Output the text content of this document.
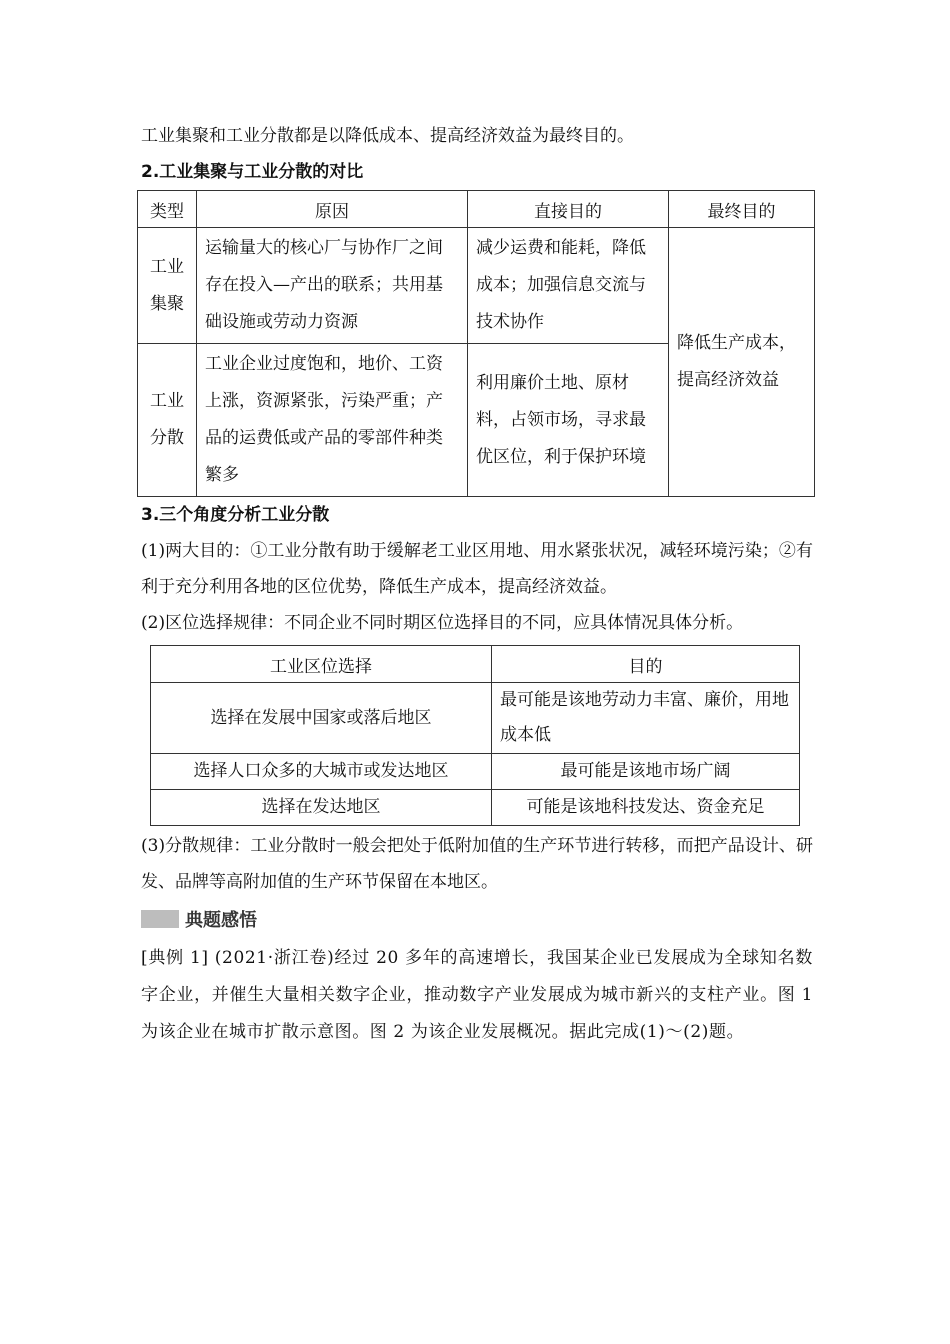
工业集聚和工业分散都是以降低成本、提高经济效益为最终目的。

2.工业集聚与工业分散的对比

类型	原因	直接目的	最终目的
工业集聚	运输量大的核心厂与协作厂之间存在投入—产出的联系；共用基础设施或劳动力资源	减少运费和能耗，降低成本；加强信息交流与技术协作	降低生产成本，提高经济效益
工业分散	工业企业过度饱和，地价、工资上涨，资源紧张，污染严重；产品的运费低或产品的零部件种类繁多	利用廉价土地、原材料，占领市场，寻求最优区位，利于保护环境	

3.三个角度分析工业分散

(1)两大目的：①工业分散有助于缓解老工业区用地、用水紧张状况，减轻环境污染；②有利于充分利用各地的区位优势，降低生产成本，提高经济效益。

(2)区位选择规律：不同企业不同时期区位选择目的不同，应具体情况具体分析。

工业区位选择	目的
选择在发展中国家或落后地区	最可能是该地劳动力丰富、廉价，用地成本低
选择人口众多的大城市或发达地区	最可能是该地市场广阔
选择在发达地区	可能是该地科技发达、资金充足

(3)分散规律：工业分散时一般会把处于低附加值的生产环节进行转移，而把产品设计、研发、品牌等高附加值的生产环节保留在本地区。

典题感悟

[典例 1] (2021·浙江卷)经过 20 多年的高速增长，我国某企业已发展成为全球知名数字企业，并催生大量相关数字企业，推动数字产业发展成为城市新兴的支柱产业。图 1 为该企业在城市扩散示意图。图 2 为该企业发展概况。据此完成(1)～(2)题。
